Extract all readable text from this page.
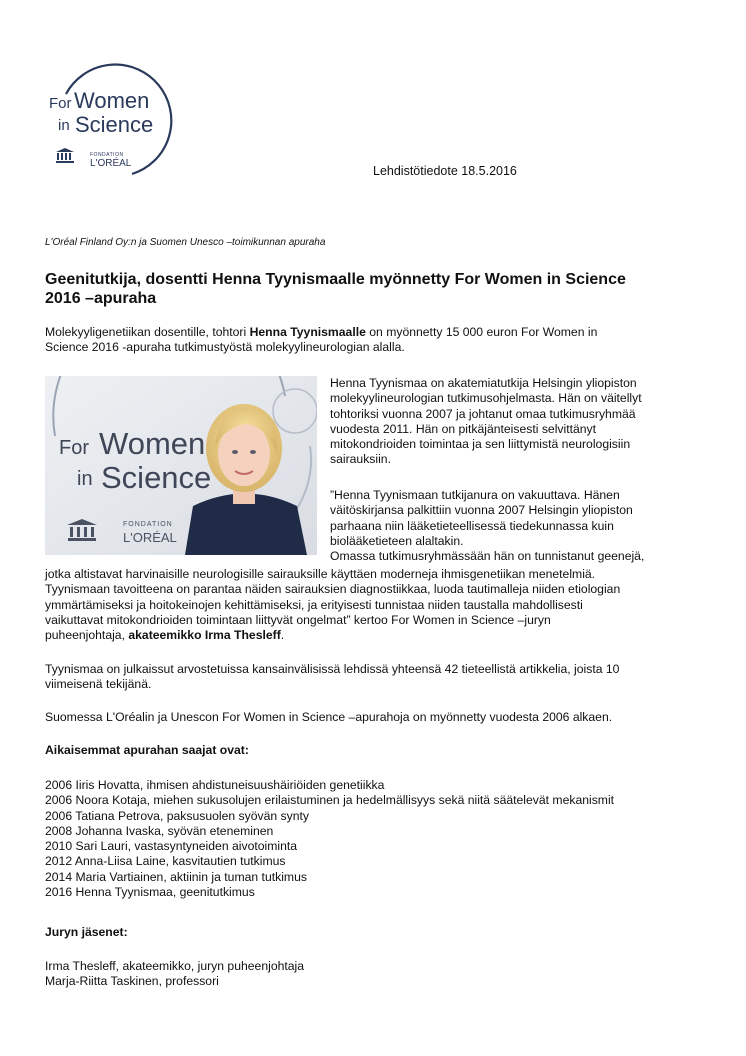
For Women
in Science
FONDATION
L'ORÉAL
Lehdistötiedote 18.5.2016
L'Oréal Finland Oy:n ja Suomen Unesco –toimikunnan apuraha
Geenitutkija, dosentti Henna Tyynismaalle myönnetty For Women in Science
2016 –apuraha

Molekyyligenetiikan dosentille, tohtori Henna Tyynismaalle on myönnetty 15 000 euron For Women in
Science 2016 -apuraha tutkimustyöstä molekyylineurologian alalla.

For Women
in Science
FONDATION
L'ORÉAL

Henna Tyynismaa on akatemiatutkija Helsingin yliopiston
molekyylineurologian tutkimusohjelmasta. Hän on väitellyt
tohtoriksi vuonna 2007 ja johtanut omaa tutkimusryhmää
vuodesta 2011. Hän on pitkäjänteisesti selvittänyt
mitokondrioiden toimintaa ja sen liittymistä neurologisiin
sairauksiin.

”Henna Tyynismaan tutkijanura on vakuuttava. Hänen
väitöskirjansa palkittiin vuonna 2007 Helsingin yliopiston
parhaana niin lääketieteellisessä tiedekunnassa kuin
biolääketieteen alaltakin.
Omassa tutkimusryhmässään hän on tunnistanut geenejä,

jotka altistavat harvinaisille neurologisille sairauksille käyttäen moderneja ihmisgenetiikan menetelmiä.
Tyynismaan tavoitteena on parantaa näiden sairauksien diagnostiikkaa, luoda tautimalleja niiden etiologian
ymmärtämiseksi ja hoitokeinojen kehittämiseksi, ja erityisesti tunnistaa niiden taustalla mahdollisesti
vaikuttavat mitokondrioiden toimintaan liittyvät ongelmat” kertoo For Women in Science –juryn
puheenjohtaja, akateemikko Irma Thesleff.

Tyynismaa on julkaissut arvostetuissa kansainvälisissä lehdissä yhteensä 42 tieteellistä artikkelia, joista 10
viimeisenä tekijänä.

Suomessa L'Oréalin ja Unescon For Women in Science –apurahoja on myönnetty vuodesta 2006 alkaen.

Aikaisemmat apurahan saajat ovat:

2006 Iiris Hovatta, ihmisen ahdistuneisuushäiriöiden genetiikka
2006 Noora Kotaja, miehen sukusolujen erilaistuminen ja hedelmällisyys sekä niitä säätelevät mekanismit
2006 Tatiana Petrova, paksusuolen syövän synty
2008 Johanna Ivaska, syövän eteneminen
2010 Sari Lauri, vastasyntyneiden aivotoiminta
2012 Anna-Liisa Laine, kasvitautien tutkimus
2014 Maria Vartiainen, aktiinin ja tuman tutkimus
2016 Henna Tyynismaa, geenitutkimus

Juryn jäsenet:

Irma Thesleff, akateemikko, juryn puheenjohtaja
Marja-Riitta Taskinen, professori
